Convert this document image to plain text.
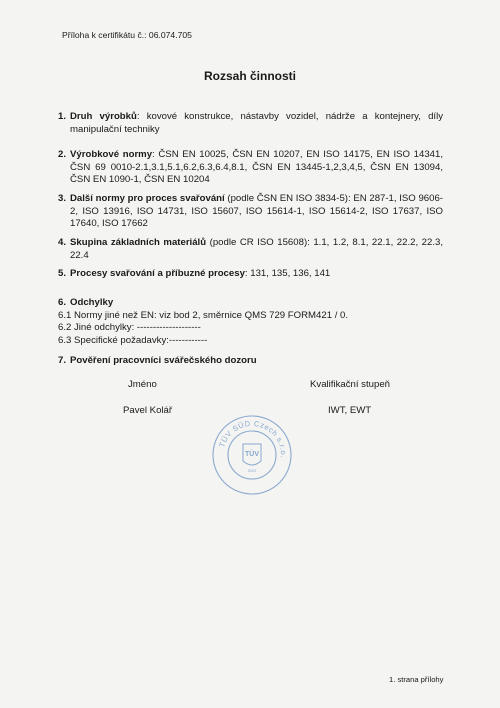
Příloha k certifikátu č.: 06.074.705
Rozsah činnosti
1. Druh výrobků: kovové konstrukce, nástavby vozidel, nádrže a kontejnery, díly manipulační techniky
2. Výrobkové normy: ČSN EN 10025, ČSN EN 10207, EN ISO 14175, EN ISO 14341, ČSN 69 0010-2.1,3.1,5.1,6.2,6.3,6.4,8.1, ČSN EN 13445-1,2,3,4,5, ČSN EN 13094, ČSN EN 1090-1, ČSN EN 10204
3. Další normy pro proces svařování (podle ČSN EN ISO 3834-5): EN 287-1, ISO 9606-2, ISO 13916, ISO 14731, ISO 15607, ISO 15614-1, ISO 15614-2, ISO 17637, ISO 17640, ISO 17662
4. Skupina základních materiálů (podle CR ISO 15608): 1.1, 1.2, 8.1, 22.1, 22.2, 22.3, 22.4
5. Procesy svařování a příbuzné procesy: 131, 135, 136, 141
6. Odchylky
6.1 Normy jiné než EN: viz bod 2, směrnice QMS 729 FORM421 / 0.
6.2 Jiné odchylky: --------------------
6.3 Specifické požadavky:------------
7. Pověření pracovníci svářečského dozoru
Jméno	Kvalifikační stupeň
Pavel Kolář	IWT, EWT
TÜV SÜD Czech s.r.o.
TÜV
SÜD
1. strana přílohy
